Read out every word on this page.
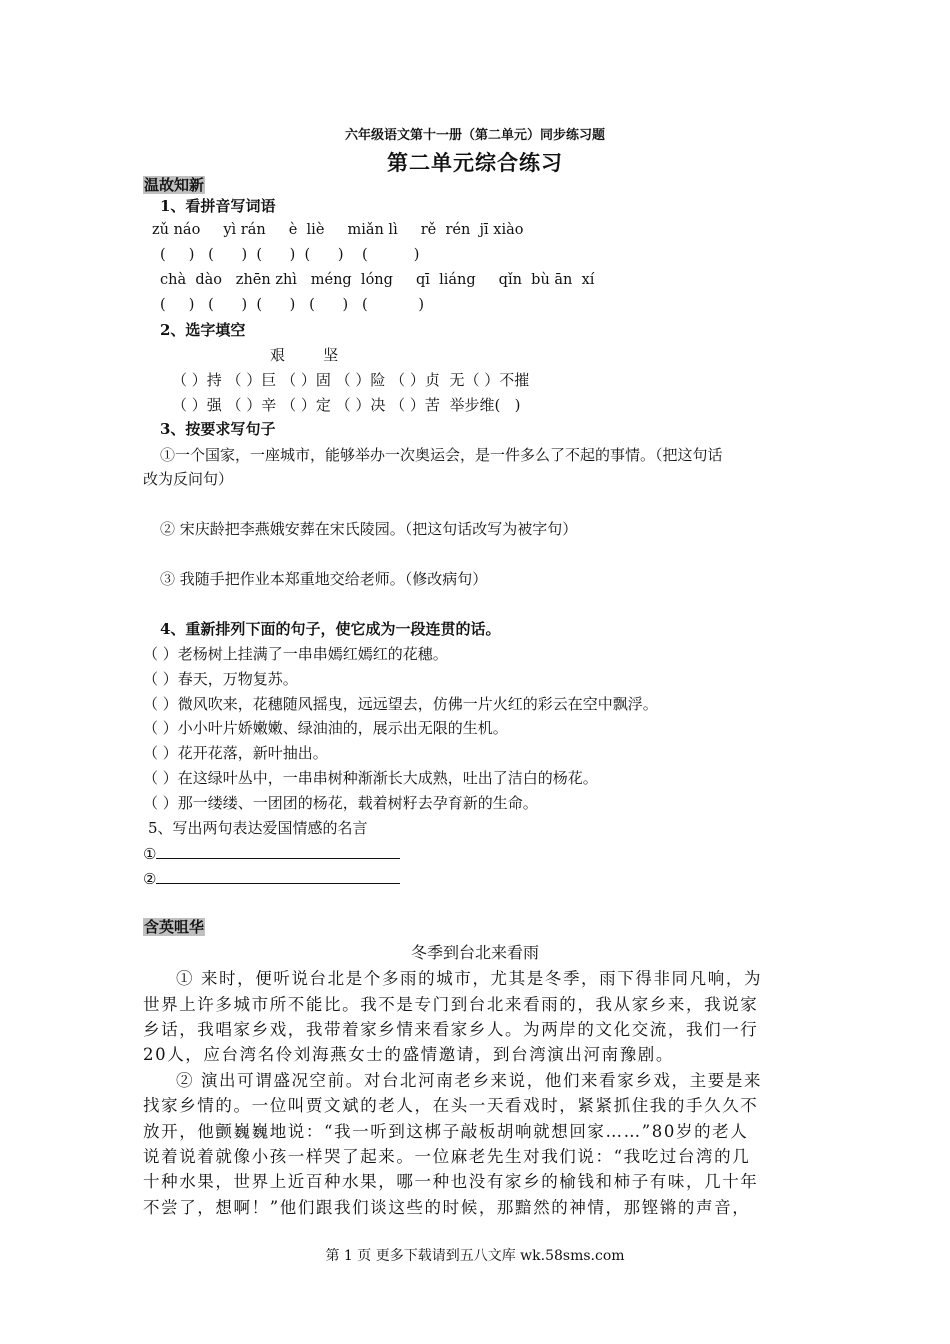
六年级语文第十一册（第二单元）同步练习题
第二单元综合练习
温故知新
1、看拼音写词语
zǔ náo     yì rán     è  liè     miǎn lì     rě  rén  jī xiào
(     )   (      )  (      )  (      )    (          )
chà  dào   zhēn zhì   méng  lóng     qī  liáng     qǐn  bù ān  xí
(     )   (      )  (      )   (      )   (           )
2、选字填空
艰        坚
（ ）持 （ ）巨 （ ）固 （ ）险 （ ）贞  无（ ）不摧
（ ）强 （ ）辛 （ ）定 （ ）决 （ ）苦  举步维(   )
3、按要求写句子
①一个国家，一座城市，能够举办一次奥运会，是一件多么了不起的事情。（把这句话
改为反问句）
② 宋庆龄把李燕娥安葬在宋氏陵园。（把这句话改写为被字句）
③ 我随手把作业本郑重地交给老师。（修改病句）
4、重新排列下面的句子，使它成为一段连贯的话。
（ ）老杨树上挂满了一串串嫣红嫣红的花穗。
（ ）春天，万物复苏。
（ ）微风吹来，花穗随风摇曳，远远望去，仿佛一片火红的彩云在空中飘浮。
（ ）小小叶片娇嫩嫩、绿油油的，展示出无限的生机。
（ ）花开花落，新叶抽出。
（ ）在这绿叶丛中，一串串树种渐渐长大成熟，吐出了洁白的杨花。
（ ）那一缕缕、一团团的杨花，载着树籽去孕育新的生命。
5、写出两句表达爱国情感的名言
①
②
含英咀华
冬季到台北来看雨
① 来时，便听说台北是个多雨的城市，尤其是冬季，雨下得非同凡响，为
世界上许多城市所不能比。我不是专门到台北来看雨的，我从家乡来，我说家
乡话，我唱家乡戏，我带着家乡情来看家乡人。为两岸的文化交流，我们一行
20人，应台湾名伶刘海燕女士的盛情邀请，到台湾演出河南豫剧。
② 演出可谓盛况空前。对台北河南老乡来说，他们来看家乡戏，主要是来
找家乡情的。一位叫贾文斌的老人，在头一天看戏时，紧紧抓住我的手久久不
放开，他颤巍巍地说：“我一听到这梆子敲板胡响就想回家……”80岁的老人
说着说着就像小孩一样哭了起来。一位麻老先生对我们说：“我吃过台湾的几
十种水果，世界上近百种水果，哪一种也没有家乡的榆钱和柿子有味，几十年
不尝了，想啊！”他们跟我们谈这些的时候，那黯然的神情，那铿锵的声音，
第 1 页 更多下载请到五八文库 wk.58sms.com
